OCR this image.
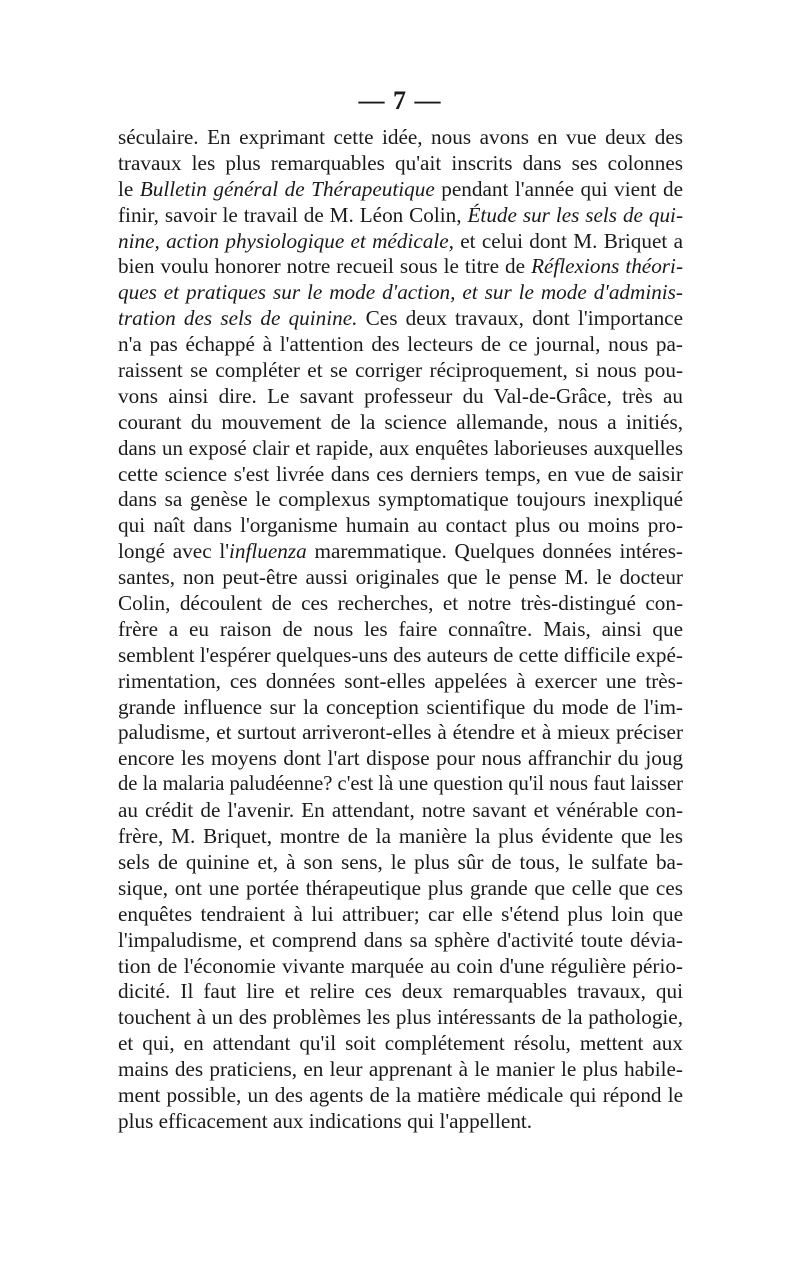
— 7 —
séculaire. En exprimant cette idée, nous avons en vue deux des
travaux les plus remarquables qu'ait inscrits dans ses colonnes
le Bulletin général de Thérapeutique pendant l'année qui vient de
finir, savoir le travail de M. Léon Colin, Étude sur les sels de qui-
nine, action physiologique et médicale, et celui dont M. Briquet a
bien voulu honorer notre recueil sous le titre de Réflexions théori-
ques et pratiques sur le mode d'action, et sur le mode d'adminis-
tration des sels de quinine. Ces deux travaux, dont l'importance
n'a pas échappé à l'attention des lecteurs de ce journal, nous pa-
raissent se compléter et se corriger réciproquement, si nous pou-
vons ainsi dire. Le savant professeur du Val-de-Grâce, très au
courant du mouvement de la science allemande, nous a initiés,
dans un exposé clair et rapide, aux enquêtes laborieuses auxquelles
cette science s'est livrée dans ces derniers temps, en vue de saisir
dans sa genèse le complexus symptomatique toujours inexpliqué
qui naît dans l'organisme humain au contact plus ou moins pro-
longé avec l'influenza maremmatique. Quelques données intéres-
santes, non peut-être aussi originales que le pense M. le docteur
Colin, découlent de ces recherches, et notre très-distingué con-
frère a eu raison de nous les faire connaître. Mais, ainsi que
semblent l'espérer quelques-uns des auteurs de cette difficile expé-
rimentation, ces données sont-elles appelées à exercer une très-
grande influence sur la conception scientifique du mode de l'im-
paludisme, et surtout arriveront-elles à étendre et à mieux préciser
encore les moyens dont l'art dispose pour nous affranchir du joug
de la malaria paludéenne? c'est là une question qu'il nous faut laisser
au crédit de l'avenir. En attendant, notre savant et vénérable con-
frère, M. Briquet, montre de la manière la plus évidente que les
sels de quinine et, à son sens, le plus sûr de tous, le sulfate ba-
sique, ont une portée thérapeutique plus grande que celle que ces
enquêtes tendraient à lui attribuer; car elle s'étend plus loin que
l'impaludisme, et comprend dans sa sphère d'activité toute dévia-
tion de l'économie vivante marquée au coin d'une régulière pério-
dicité. Il faut lire et relire ces deux remarquables travaux, qui
touchent à un des problèmes les plus intéressants de la pathologie,
et qui, en attendant qu'il soit complétement résolu, mettent aux
mains des praticiens, en leur apprenant à le manier le plus habile-
ment possible, un des agents de la matière médicale qui répond le
plus efficacement aux indications qui l'appellent.
